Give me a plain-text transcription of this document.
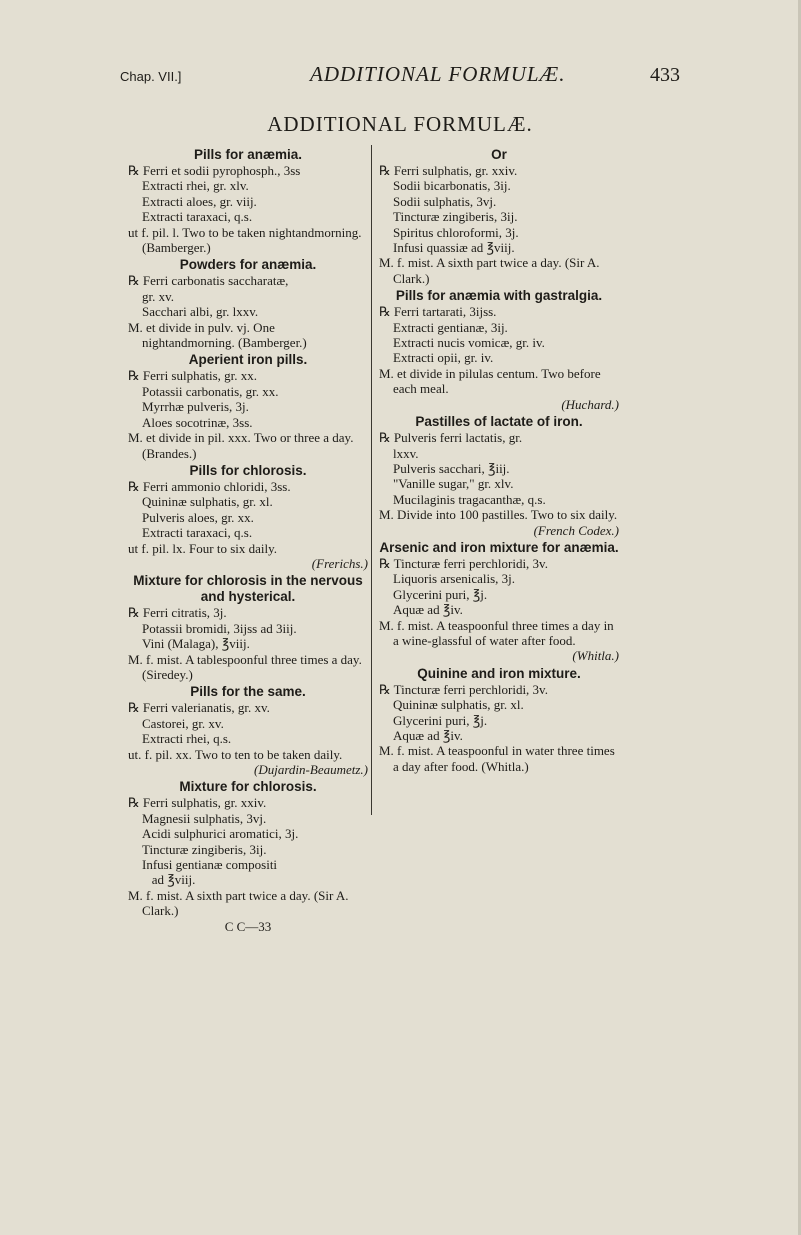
Chap. VII.]	ADDITIONAL FORMULÆ.	433
ADDITIONAL FORMULÆ.
Pills for anæmia.
℞ Ferri et sodii pyrophosph., 3ss
Extracti rhei, gr. xlv.
Extracti aloes, gr. viij.
Extracti taraxaci, q.s.
ut f. pil. l. Two to be taken nightandmorning. (Bamberger.)
Powders for anæmia.
℞ Ferri carbonatis saccharatæ,
gr. xv.
Sacchari albi, gr. lxxv.
M. et divide in pulv. vj. One nightandmorning. (Bamberger.)
Aperient iron pills.
℞ Ferri sulphatis, gr. xx.
Potassii carbonatis, gr. xx.
Myrrhæ pulveris, 3j.
Aloes socotrinæ, 3ss.
M. et divide in pil. xxx. Two or three a day. (Brandes.)
Pills for chlorosis.
℞ Ferri ammonio chloridi, 3ss.
Quininæ sulphatis, gr. xl.
Pulveris aloes, gr. xx.
Extracti taraxaci, q.s.
ut f. pil. lx. Four to six daily.
(Frerichs.)
Mixture for chlorosis in the nervous and hysterical.
℞ Ferri citratis, 3j.
Potassii bromidi, 3ijss ad 3iij.
Vini (Malaga), ℥viij.
M. f. mist. A tablespoonful three times a day. (Siredey.)
Pills for the same.
℞ Ferri valerianatis, gr. xv.
Castorei, gr. xv.
Extracti rhei, q.s.
ut. f. pil. xx. Two to ten to be taken daily.
(Dujardin-Beaumetz.)
Mixture for chlorosis.
℞ Ferri sulphatis, gr. xxiv.
Magnesii sulphatis, 3vj.
Acidi sulphurici aromatici, 3j.
Tincturæ zingiberis, 3ij.
Infusi gentianæ compositi
ad ℥viij.
M. f. mist. A sixth part twice a day. (Sir A. Clark.)
C C—33
Or
℞ Ferri sulphatis, gr. xxiv.
Sodii bicarbonatis, 3ij.
Sodii sulphatis, 3vj.
Tincturæ zingiberis, 3ij.
Spiritus chloroformi, 3j.
Infusi quassiæ ad ℥viij.
M. f. mist. A sixth part twice a day. (Sir A. Clark.)
Pills for anæmia with gastralgia.
℞ Ferri tartarati, 3ijss.
Extracti gentianæ, 3ij.
Extracti nucis vomicæ, gr. iv.
Extracti opii, gr. iv.
M. et divide in pilulas centum. Two before each meal.
(Huchard.)
Pastilles of lactate of iron.
℞ Pulveris ferri lactatis, gr.
lxxv.
Pulveris sacchari, ℥iij.
"Vanille sugar," gr. xlv.
Mucilaginis tragacanthæ, q.s.
M. Divide into 100 pastilles. Two to six daily.
(French Codex.)
Arsenic and iron mixture for anæmia.
℞ Tincturæ ferri perchloridi, 3v.
Liquoris arsenicalis, 3j.
Glycerini puri, ℥j.
Aquæ ad ℥iv.
M. f. mist. A teaspoonful three times a day in a wine-glassful of water after food.
(Whitla.)
Quinine and iron mixture.
℞ Tincturæ ferri perchloridi, 3v.
Quininæ sulphatis, gr. xl.
Glycerini puri, ℥j.
Aquæ ad ℥iv.
M. f. mist. A teaspoonful in water three times a day after food. (Whitla.)
